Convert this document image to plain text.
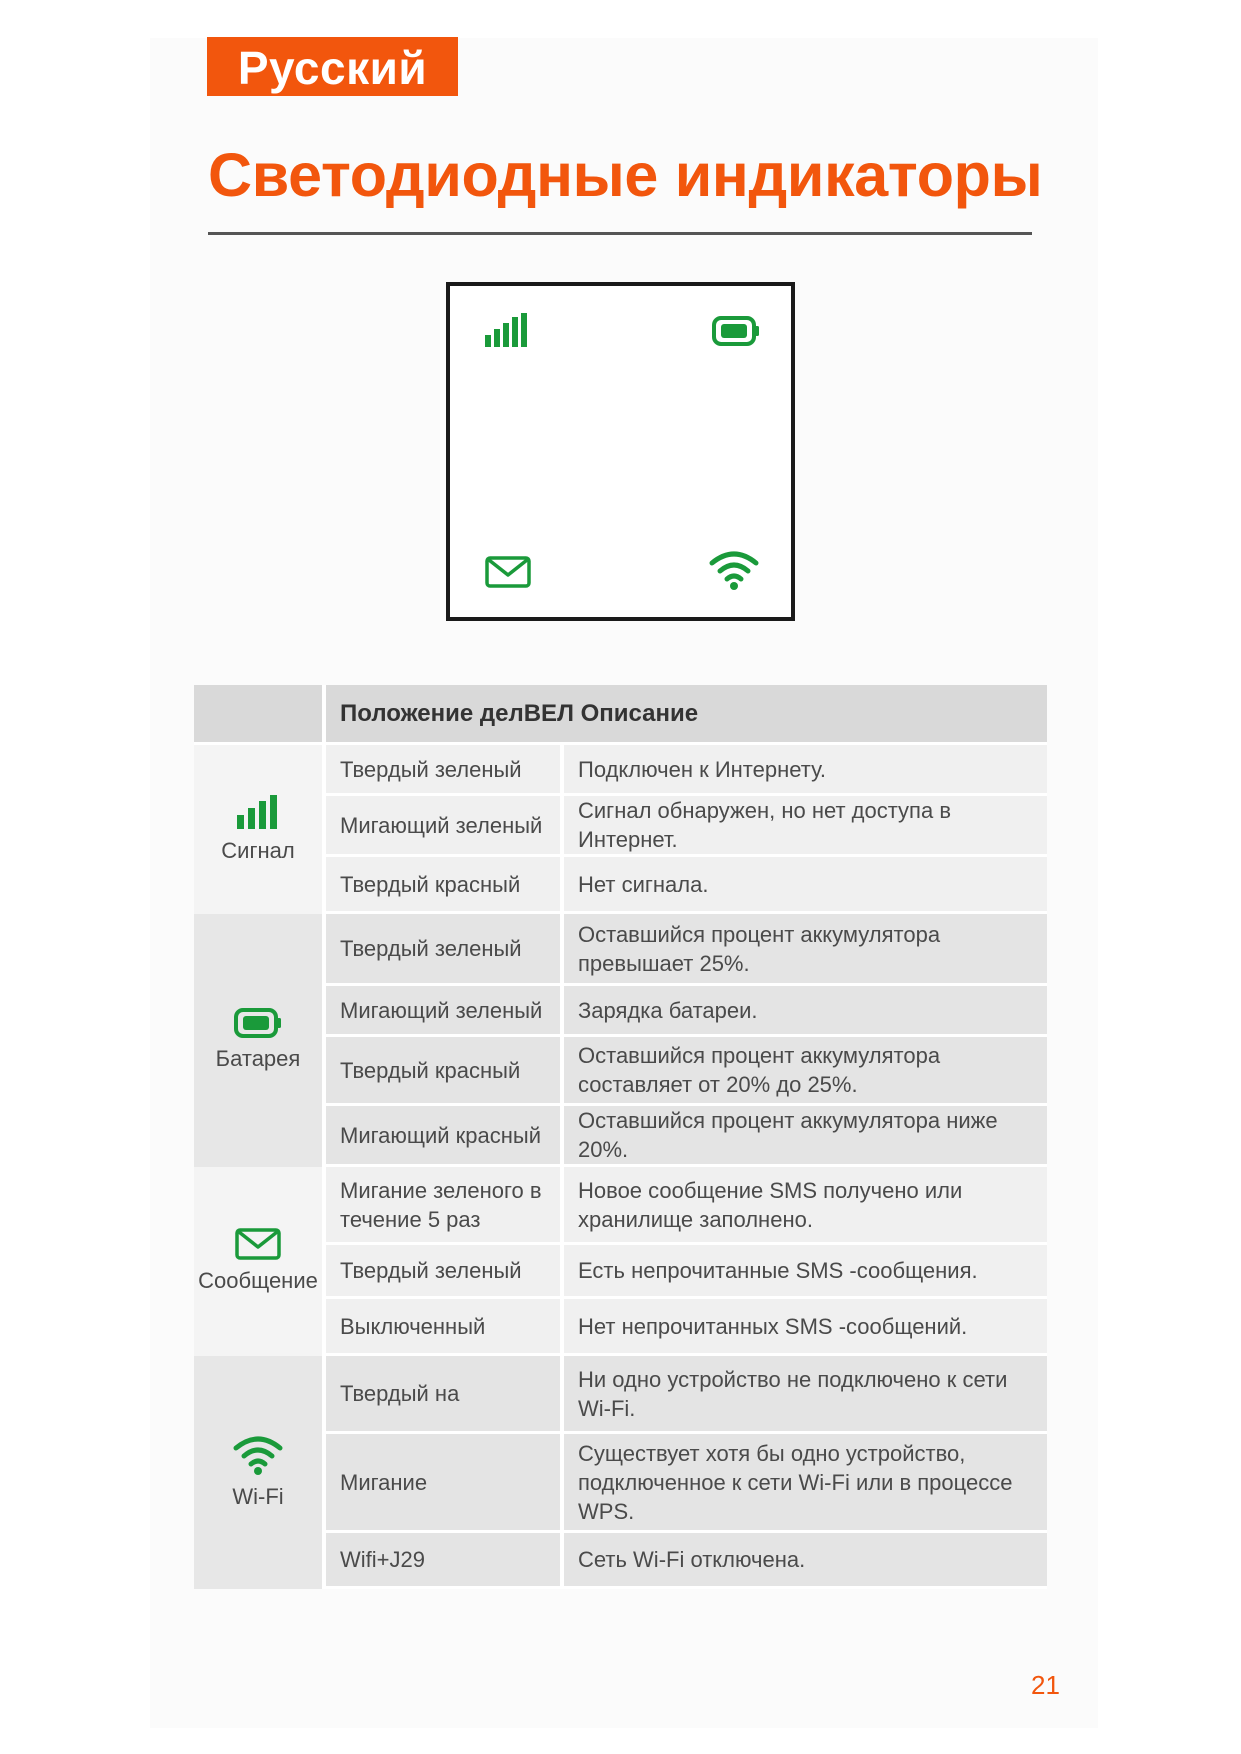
Русский
Светодиодные индикаторы
	Положение делВЕЛ Описание	

Сигнал	Твердый зеленый	Подключен к Интернету.
	Мигающий зеленый	Сигнал обнаружен, но нет доступа в Интернет.
	Твердый красный	Нет сигнала.

Батарея	Твердый зеленый	Оставшийся процент аккумулятора превышает 25%.
	Мигающий зеленый	Зарядка батареи.
	Твердый красный	Оставшийся процент аккумулятора составляет от 20% до 25%.
	Мигающий красный	Оставшийся процент аккумулятора ниже 20%.

Сообщение	Мигание зеленого в течение 5 раз	Новое сообщение SMS получено или хранилище заполнено.
	Твердый зеленый	Есть непрочитанные SMS -сообщения.
	Выключенный	Нет непрочитанных SMS -сообщений.

Wi-Fi	Твердый на	Ни одно устройство не подключено к сети Wi-Fi.
	Мигание	Существует хотя бы одно устройство, подключенное к сети Wi-Fi или в процессе WPS.
	Wifi+J29	Сеть Wi-Fi отключена.
21
